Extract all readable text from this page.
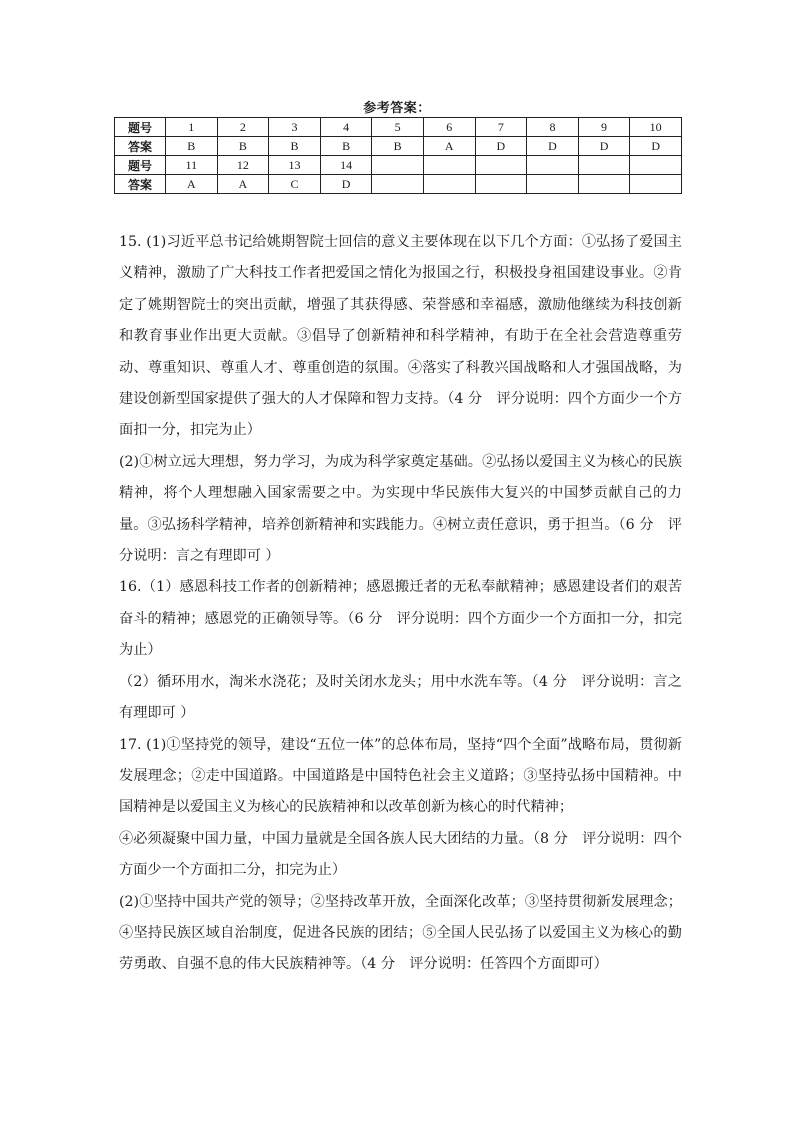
参考答案：
题号	1	2	3	4	5	6	7	8	9	10
答案	B	B	B	B	B	A	D	D	D	D
题号	11	12	13	14						
答案	A	A	C	D						

15. (1)习近平总书记给姚期智院士回信的意义主要体现在以下几个方面：①弘扬了爱国主义精神，激励了广大科技工作者把爱国之情化为报国之行，积极投身祖国建设事业。②肯定了姚期智院士的突出贡献，增强了其获得感、荣誉感和幸福感，激励他继续为科技创新和教育事业作出更大贡献。③倡导了创新精神和科学精神，有助于在全社会营造尊重劳动、尊重知识、尊重人才、尊重创造的氛围。④落实了科教兴国战略和人才强国战略，为建设创新型国家提供了强大的人才保障和智力支持。（4 分　评分说明：四个方面少一个方面扣一分，扣完为止）

(2)①树立远大理想，努力学习，为成为科学家奠定基础。②弘扬以爱国主义为核心的民族精神，将个人理想融入国家需要之中。为实现中华民族伟大复兴的中国梦贡献自己的力量。③弘扬科学精神，培养创新精神和实践能力。④树立责任意识，勇于担当。（6 分　评分说明：言之有理即可 ）

16.（1）感恩科技工作者的创新精神；感恩搬迁者的无私奉献精神；感恩建设者们的艰苦奋斗的精神；感恩党的正确领导等。（6 分　评分说明：四个方面少一个方面扣一分，扣完为止）

（2）循环用水，淘米水浇花；及时关闭水龙头；用中水洗车等。（4 分　评分说明：言之有理即可 ）

17. (1)①坚持党的领导，建设“五位一体”的总体布局，坚持“四个全面”战略布局，贯彻新发展理念；②走中国道路。中国道路是中国特色社会主义道路；③坚持弘扬中国精神。中国精神是以爱国主义为核心的民族精神和以改革创新为核心的时代精神；

④必须凝聚中国力量，中国力量就是全国各族人民大团结的力量。（8 分　评分说明：四个方面少一个方面扣二分，扣完为止）

(2)①坚持中国共产党的领导；②坚持改革开放，全面深化改革；③坚持贯彻新发展理念；④坚持民族区域自治制度，促进各民族的团结；⑤全国人民弘扬了以爱国主义为核心的勤劳勇敢、自强不息的伟大民族精神等。（4 分　评分说明：任答四个方面即可）
